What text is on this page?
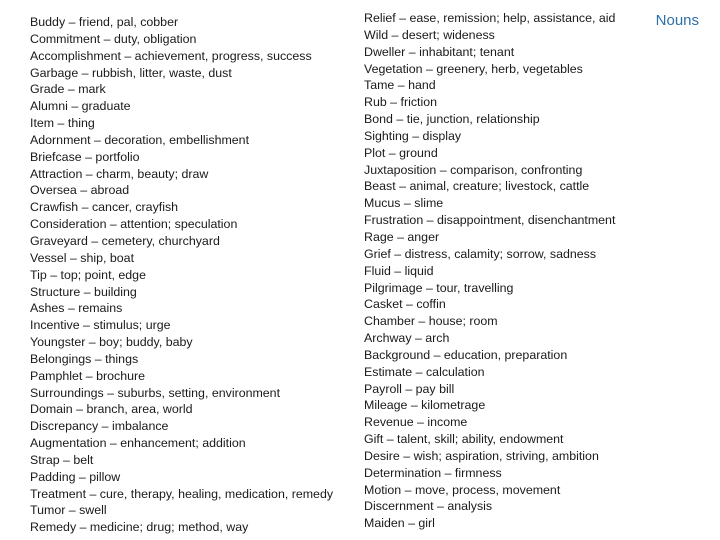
Buddy – friend, pal, cobber
Commitment – duty, obligation
Accomplishment – achievement, progress, success
Garbage – rubbish, litter, waste, dust
Grade – mark
Alumni – graduate
Item – thing
Adornment – decoration, embellishment
Briefcase – portfolio
Attraction – charm, beauty; draw
Oversea – abroad
Crawfish – cancer, crayfish
Consideration – attention; speculation
Graveyard – cemetery, churchyard
Vessel – ship, boat
Tip – top; point, edge
Structure – building
Ashes – remains
Incentive – stimulus; urge
Youngster – boy; buddy, baby
Belongings – things
Pamphlet – brochure
Surroundings – suburbs, setting, environment
Domain – branch, area, world
Discrepancy – imbalance
Augmentation – enhancement; addition
Strap – belt
Padding – pillow
Treatment – cure, therapy, healing, medication, remedy
Tumor – swell
Remedy – medicine; drug; method, way
Relief – ease, remission; help, assistance, aid
Wild – desert; wideness
Dweller – inhabitant; tenant
Vegetation – greenery, herb, vegetables
Tame – hand
Rub – friction
Bond – tie, junction, relationship
Sighting – display
Plot – ground
Juxtaposition – comparison, confronting
Beast – animal, creature; livestock, cattle
Mucus – slime
Frustration – disappointment, disenchantment
Rage – anger
Grief – distress, calamity; sorrow, sadness
Fluid – liquid
Pilgrimage – tour, travelling
Casket – coffin
Chamber – house; room
Archway – arch
Background – education, preparation
Estimate – calculation
Payroll – pay bill
Mileage – kilometrage
Revenue – income
Gift – talent, skill; ability, endowment
Desire – wish; aspiration, striving, ambition
Determination – firmness
Motion – move, process, movement
Discernment – analysis
Maiden – girl
Nouns
